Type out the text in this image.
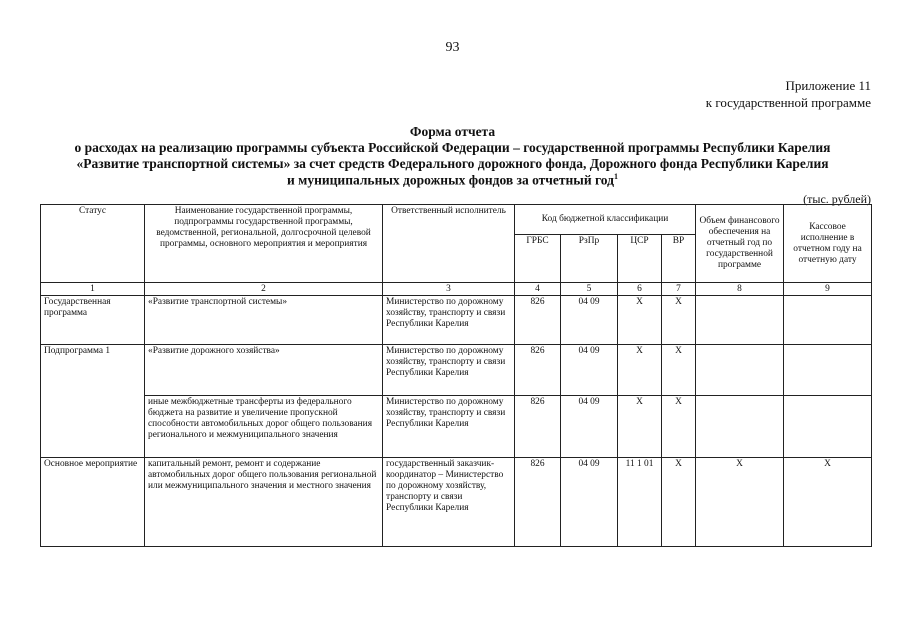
93
Приложение 11
к государственной программе
Форма отчета
о расходах на реализацию программы субъекта Российской Федерации – государственной программы Республики Карелия
«Развитие транспортной системы» за счет средств Федерального дорожного фонда, Дорожного фонда Республики Карелия
и муниципальных дорожных фондов за отчетный год$^1$
(тыс. рублей)
Статус	Наименование государственной программы, подпрограммы государственной программы, ведомственной, региональной, долгосрочной целевой программы, основного мероприятия и мероприятия	Ответственный исполнитель	Код бюджетной классификации				Объем финансового обеспечения на отчетный год по государственной программе	Кассовое исполнение в отчетном году на отчетную дату
			ГРБС	РзПр	ЦСР	ВР		
1	2	3	4	5	6	7	8	9
Государственная программа	«Развитие транспортной системы»	Министерство по дорожному хозяйству, транспорту и связи Республики Карелия	826	04 09	Х	Х		
Подпрограмма 1	«Развитие дорожного хозяйства»	Министерство по дорожному хозяйству, транспорту и связи Республики Карелия	826	04 09	Х	Х		
	иные межбюджетные трансферты из федерального бюджета на развитие и увеличение пропускной способности автомобильных дорог общего пользования регионального и межмуниципального значения	Министерство по дорожному хозяйству, транспорту и связи Республики Карелия	826	04 09	Х	Х		
Основное мероприятие	капитальный ремонт, ремонт и содержание автомобильных дорог общего пользования региональной или межмуниципального значения и местного значения	государственный заказчик-координатор – Министерство по дорожному хозяйству, транспорту и связи Республики Карелия	826	04 09	11 1 01	Х	Х	Х
